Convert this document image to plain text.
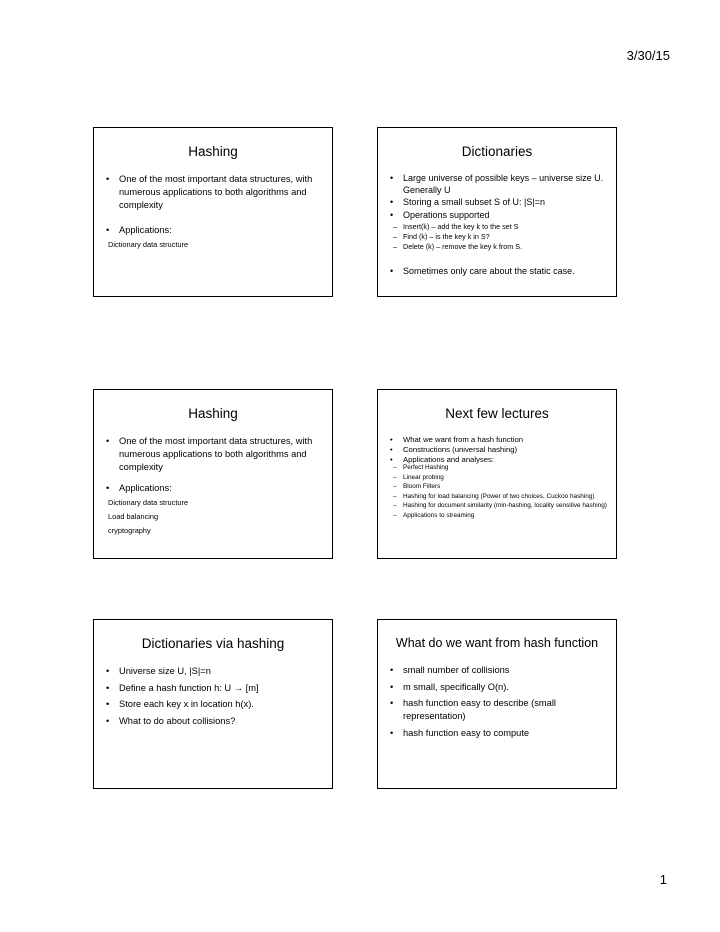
3/30/15
Hashing
• One of the most important data structures, with numerous applications to both algorithms and complexity
• Applications:
Dictionary data structure
Dictionaries
• Large universe of possible keys – universe size U. Generally U
• Storing a small subset S of U: |S|=n
• Operations supported
– Insert(k) – add the key k to the set S
– Find (k) – is the key k in S?
– Delete (k) – remove the key k from S.
• Sometimes only care about the static case.
Hashing
• One of the most important data structures, with numerous applications to both algorithms and complexity
• Applications:
Dictionary data structure
Load balancing
cryptography
Next few lectures
• What we want from a hash function
• Constructions (universal hashing)
• Applications and analyses:
– Perfect Hashing
– Linear probing
– Bloom Filters
– Hashing for load balancing (Power of two choices, Cuckoo hashing)
– Hashing for document similarity (min-hashing, locality sensitive hashing)
– Applications to streaming
Dictionaries via hashing
• Universe size U, |S|=n
• Define a hash function h: U → [m]
• Store each key x in location h(x).
• What to do about collisions?
What do we want from hash function
• small number of collisions
• m small, specifically O(n).
• hash function easy to describe (small representation)
• hash function easy to compute
1
